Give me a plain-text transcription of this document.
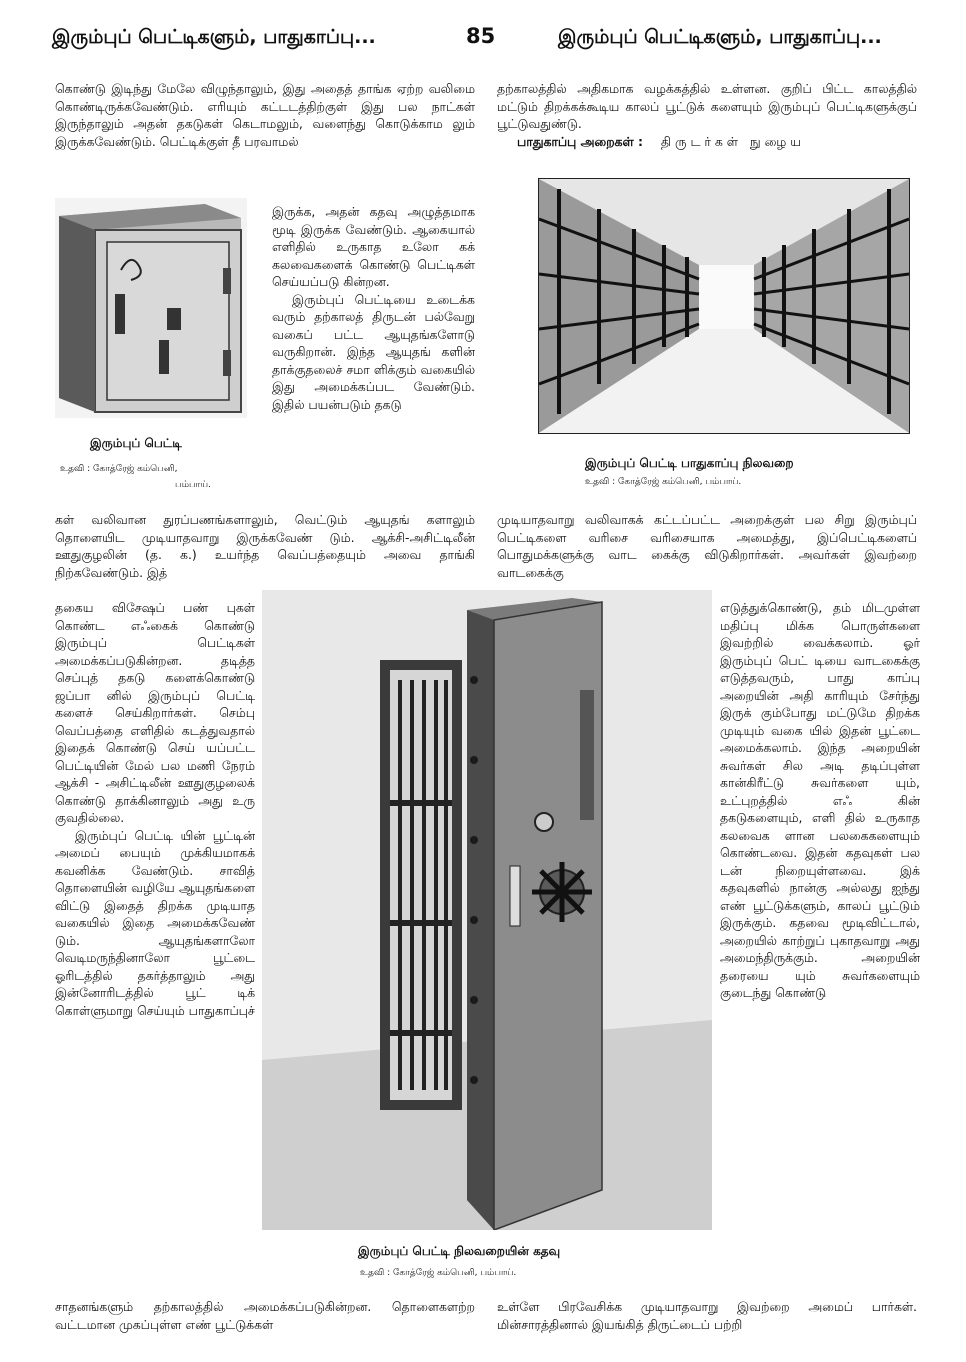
இரும்புப் பெட்டிகளும், பாதுகாப்பு...	85	இரும்புப் பெட்டிகளும், பாதுகாப்பு...

கொண்டு இடிந்து மேலே விழுந்தாலும், இது அதைத் தாங்க ஏற்ற வலிமை கொண்டிருக்கவேண்டும். எரியும் கட்டடத்திற்குள் இது பல நாட்கள் இருந்தாலும் அதன் தகடுகள் கெடாமலும், வளைந்து கொடுக்காம லும் இருக்கவேண்டும். பெட்டிக்குள் தீ பரவாமல்

இருக்க, அதன் கதவு அழுத்தமாக மூடி இருக்க வேண்டும். ஆகையால் எளிதில் உருகாத உலோ கக் கலவைகளைக் கொண்டு பெட்டிகள் செய்யப்படு கின்றன.

இரும்புப் பெட்டியை உடைக்க வரும் தற்காலத் திருடன் பல்வேறு வகைப் பட்ட ஆயுதங்களோடு வருகிறான். இந்த ஆயுதங் களின் தாக்குதலைச் சமா ளிக்கும் வகையில் இது அமைக்கப்பட வேண்டும். இதில் பயன்படும் தகடு

இரும்புப் பெட்டி
உதவி : கோத்ரேஜ் கம்பெனி,
பம்பாய்.

கள் வலிவான துரப்பணங்களாலும், வெட்டும் ஆயுதங் களாலும் தொளையிட முடியாதவாறு இருக்கவேண் டும். ஆக்சி-அசிட்டிலீன் ஊதுகுழலின் (த. க.) உயர்ந்த வெப்பத்தையும் அவை தாங்கி நிற்கவேண்டும். இத்

தகைய விசேஷப் பண் புகள் கொண்ட எஃகைக் கொண்டு இரும்புப் பெட்டிகள் அமைக்கப்படுகின்றன. தடித்த செப்புத் தகடு களைக்கொண்டு ஜப்பா னில் இரும்புப் பெட்டி களைச் செய்கிறார்கள். செம்பு வெப்பத்தை எளிதில் கடத்துவதால் இதைக் கொண்டு செய் யப்பட்ட பெட்டியின் மேல் பல மணி நேரம் ஆக்சி - அசிட்டிலீன் ஊதுகுழலைக் கொண்டு தாக்கினாலும் அது உரு குவதில்லை.

இரும்புப் பெட்டி யின் பூட்டின் அமைப் பையும் முக்கியமாகக் கவனிக்க வேண்டும். சாவித் தொளையின் வழியே ஆயுதங்களை விட்டு இதைத் திறக்க முடியாத வகையில் இதை அமைக்கவேண் டும். ஆயுதங்களாலோ வெடிமருந்தினாலோ பூட்டை ஓரிடத்தில் தகர்த்தாலும் அது இன்னோரிடத்தில் பூட் டிக் கொள்ளுமாறு செய்யும் பாதுகாப்புச்

சாதனங்களும் தற்காலத்தில் அமைக்கப்படுகின்றன. தொளைகளற்ற வட்டமான முகப்புள்ள எண் பூட்டுக்கள்

தற்காலத்தில் அதிகமாக வழக்கத்தில் உள்ளன. குறிப் பிட்ட காலத்தில் மட்டும் திறக்கக்கூடிய காலப் பூட்டுக் களையும் இரும்புப் பெட்டிகளுக்குப் பூட்டுவதுண்டு.

பாதுகாப்பு அறைகள் : திருடர்கள் நுழைய
இரும்புப் பெட்டி பாதுகாப்பு நிலவறை
உதவி : கோத்ரேஜ் கம்பெனி, பம்பாய்.

முடியாதவாறு வலிவாகக் கட்டப்பட்ட அறைக்குள் பல சிறு இரும்புப் பெட்டிகளை வரிசை வரிசையாக அமைத்து, இப்பெட்டிகளைப் பொதுமக்களுக்கு வாட கைக்கு விடுகிறார்கள். அவர்கள் இவற்றை வாடகைக்கு

எடுத்துக்கொண்டு, தம் மிடமுள்ள மதிப்பு மிக்க பொருள்களை இவற்றில் வைக்கலாம். ஓர் இரும்புப் பெட் டியை வாடகைக்கு எடுத்தவரும், பாது காப்பு அறையின் அதி காரியும் சேர்ந்து இருக் கும்போது மட்டுமே திறக்க முடியும் வகை யில் இதன் பூட்டை அமைக்கலாம். இந்த அறையின் சுவர்கள் சில அடி தடிப்புள்ள கான்கிரீட்டு சுவர்களை யும், உட்புறத்தில் எஃ கின் தகடுகளையும், எளி தில் உருகாத கலவைக ளான பலகைகளையும் கொண்டவை. இதன் கதவுகள் பல டன் நிறையுள்ளவை. இக் கதவுகளில் நான்கு அல்லது ஐந்து எண் பூட்டுக்களும், காலப் பூட்டும் இருக்கும். கதவை மூடிவிட்டால், அறையில் காற்றுப் புகாதவாறு அது அமைந்திருக்கும். அறையின் தரையை யும் சுவர்களையும் குடைந்து கொண்டு

இரும்புப் பெட்டி நிலவறையின் கதவு
உதவி : கோத்ரேஜ் கம்பெனி, பம்பாய்.

உள்ளே பிரவேசிக்க முடியாதவாறு இவற்றை அமைப் பார்கள். மின்சாரத்தினால் இயங்கித் திருட்டைப் பற்றி
